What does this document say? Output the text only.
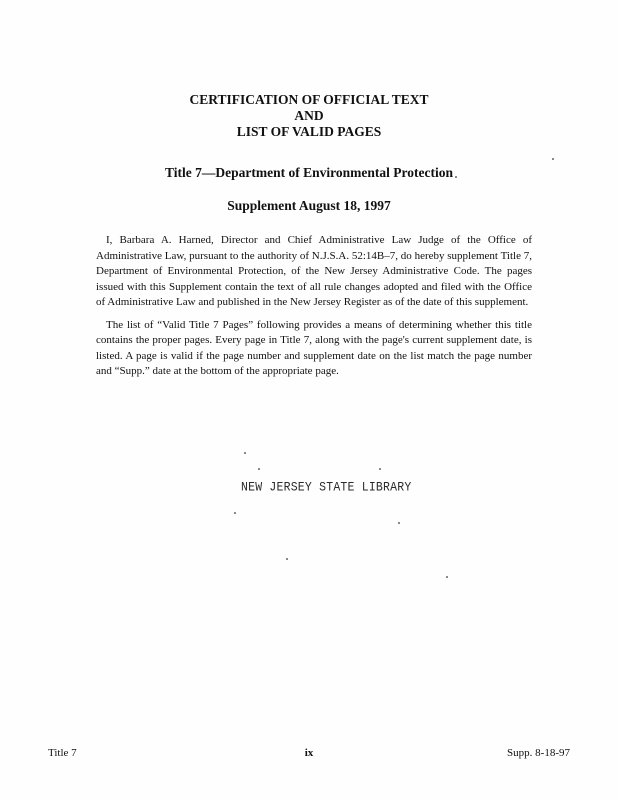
CERTIFICATION OF OFFICIAL TEXT
AND
LIST OF VALID PAGES
Title 7—Department of Environmental Protection
Supplement August 18, 1997

I, Barbara A. Harned, Director and Chief Administrative Law Judge of the Office of Administrative Law, pursuant to the authority of N.J.S.A. 52:14B–7, do hereby supplement Title 7, Department of Environmental Protection, of the New Jersey Administrative Code. The pages issued with this Supplement contain the text of all rule changes adopted and filed with the Office of Administrative Law and published in the New Jersey Register as of the date of this supplement.

The list of “Valid Title 7 Pages” following provides a means of determining whether this title contains the proper pages. Every page in Title 7, along with the page's current supplement date, is listed. A page is valid if the page number and supplement date on the list match the page number and “Supp.” date at the bottom of the appropriate page.

NEW JERSEY STATE LIBRARY
Title 7	ix	Supp. 8-18-97
